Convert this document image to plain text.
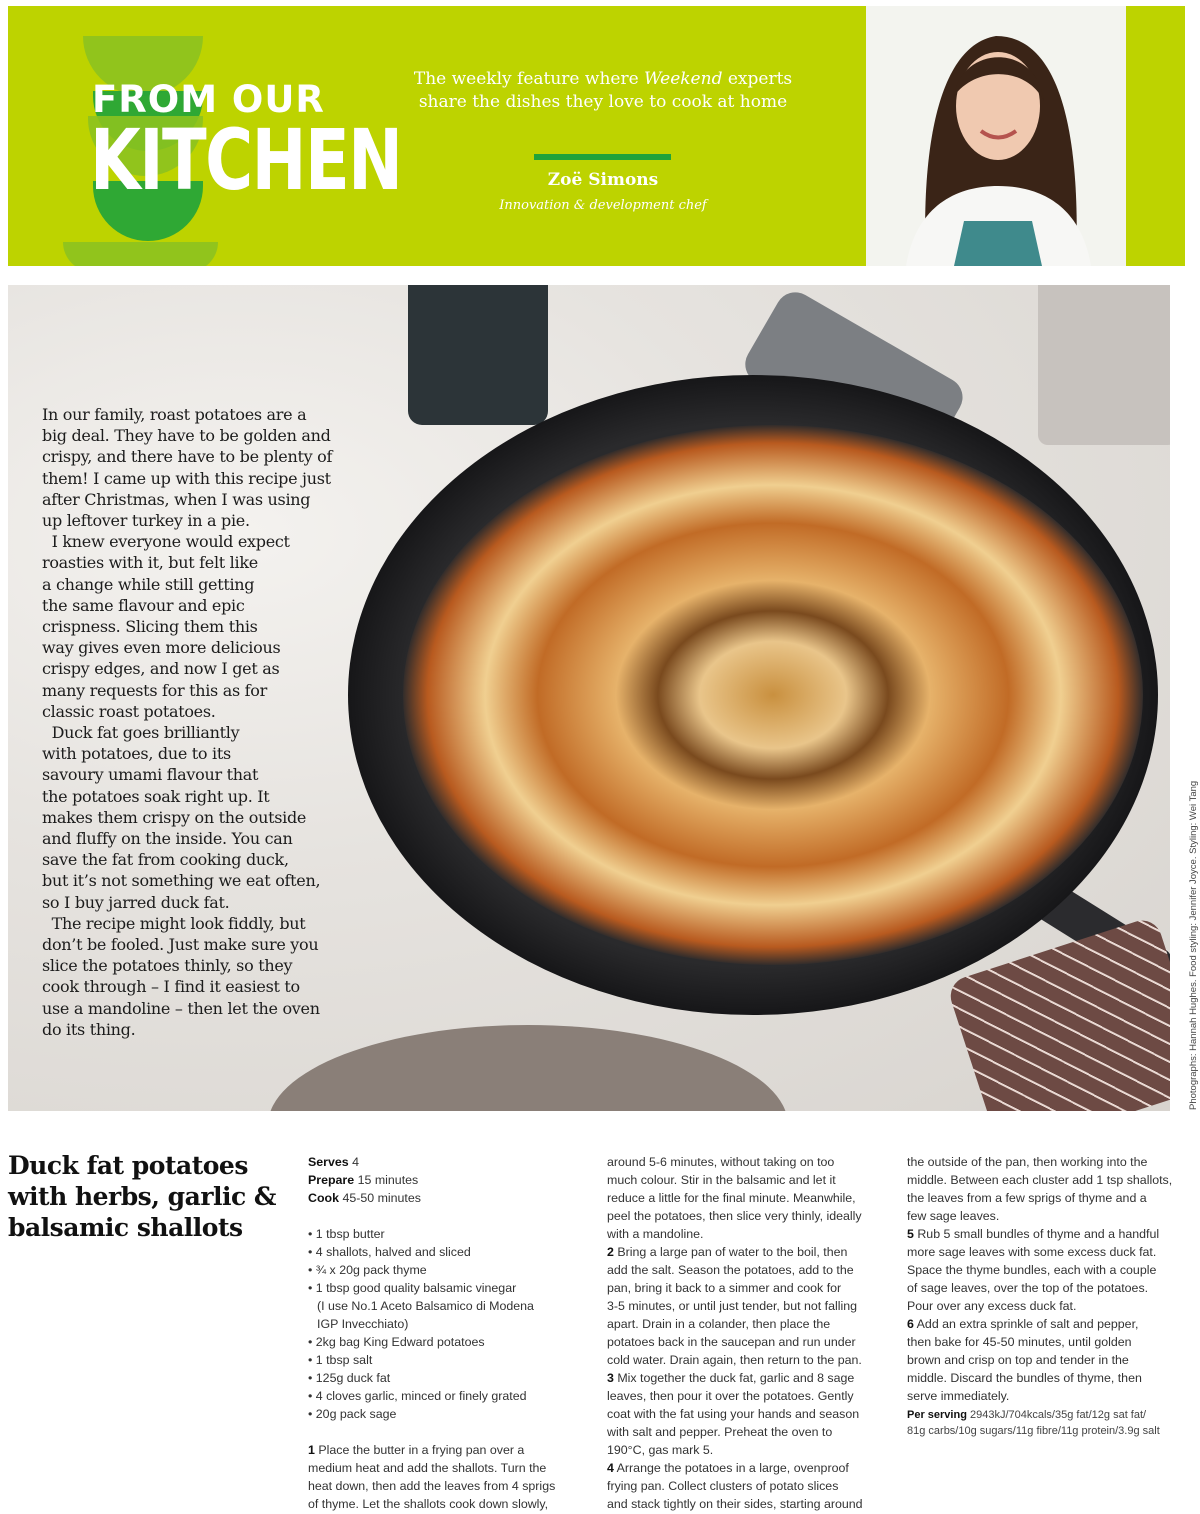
FROM OUR
KITCHEN
The weekly feature where Weekend experts share the dishes they love to cook at home
Zoë Simons
Innovation & development chef
In our family, roast potatoes are a
big deal. They have to be golden and
crispy, and there have to be plenty of
them! I came up with this recipe just
after Christmas, when I was using
up leftover turkey in a pie.
I knew everyone would expect
roasties with it, but felt like
a change while still getting
the same flavour and epic
crispness. Slicing them this
way gives even more delicious
crispy edges, and now I get as
many requests for this as for
classic roast potatoes.
Duck fat goes brilliantly
with potatoes, due to its
savoury umami flavour that
the potatoes soak right up. It
makes them crispy on the outside
and fluffy on the inside. You can
save the fat from cooking duck,
but it’s not something we eat often,
so I buy jarred duck fat.
The recipe might look fiddly, but
don’t be fooled. Just make sure you
slice the potatoes thinly, so they
cook through – I find it easiest to
use a mandoline – then let the oven
do its thing.	Photographs: Hannah Hughes. Food styling: Jennifer Joyce. Styling: Wei Tang
Duck fat potatoes with herbs, garlic & balsamic shallots
Serves 4
Prepare 15 minutes
Cook 45-50 minutes
• 1 tbsp butter
• 4 shallots, halved and sliced
• ¾ x 20g pack thyme
• 1 tbsp good quality balsamic vinegar
(I use No.1 Aceto Balsamico di Modena
IGP Invecchiato)
• 2kg bag King Edward potatoes
• 1 tbsp salt
• 125g duck fat
• 4 cloves garlic, minced or finely grated
• 20g pack sage
1 Place the butter in a frying pan over a
medium heat and add the shallots. Turn the
heat down, then add the leaves from 4 sprigs
of thyme. Let the shallots cook down slowly,
around 5-6 minutes, without taking on too
much colour. Stir in the balsamic and let it
reduce a little for the final minute. Meanwhile,
peel the potatoes, then slice very thinly, ideally
with a mandoline.
2 Bring a large pan of water to the boil, then
add the salt. Season the potatoes, add to the
pan, bring it back to a simmer and cook for
3-5 minutes, or until just tender, but not falling
apart. Drain in a colander, then place the
potatoes back in the saucepan and run under
cold water. Drain again, then return to the pan.
3 Mix together the duck fat, garlic and 8 sage
leaves, then pour it over the potatoes. Gently
coat with the fat using your hands and season
with salt and pepper. Preheat the oven to
190°C, gas mark 5.
4 Arrange the potatoes in a large, ovenproof
frying pan. Collect clusters of potato slices
and stack tightly on their sides, starting around
the outside of the pan, then working into the
middle. Between each cluster add 1 tsp shallots,
the leaves from a few sprigs of thyme and a
few sage leaves.
5 Rub 5 small bundles of thyme and a handful
more sage leaves with some excess duck fat.
Space the thyme bundles, each with a couple
of sage leaves, over the top of the potatoes.
Pour over any excess duck fat.
6 Add an extra sprinkle of salt and pepper,
then bake for 45-50 minutes, until golden
brown and crisp on top and tender in the
middle. Discard the bundles of thyme, then
serve immediately.
Per serving 2943kJ/704kcals/35g fat/12g sat fat/
81g carbs/10g sugars/11g fibre/11g protein/3.9g salt
